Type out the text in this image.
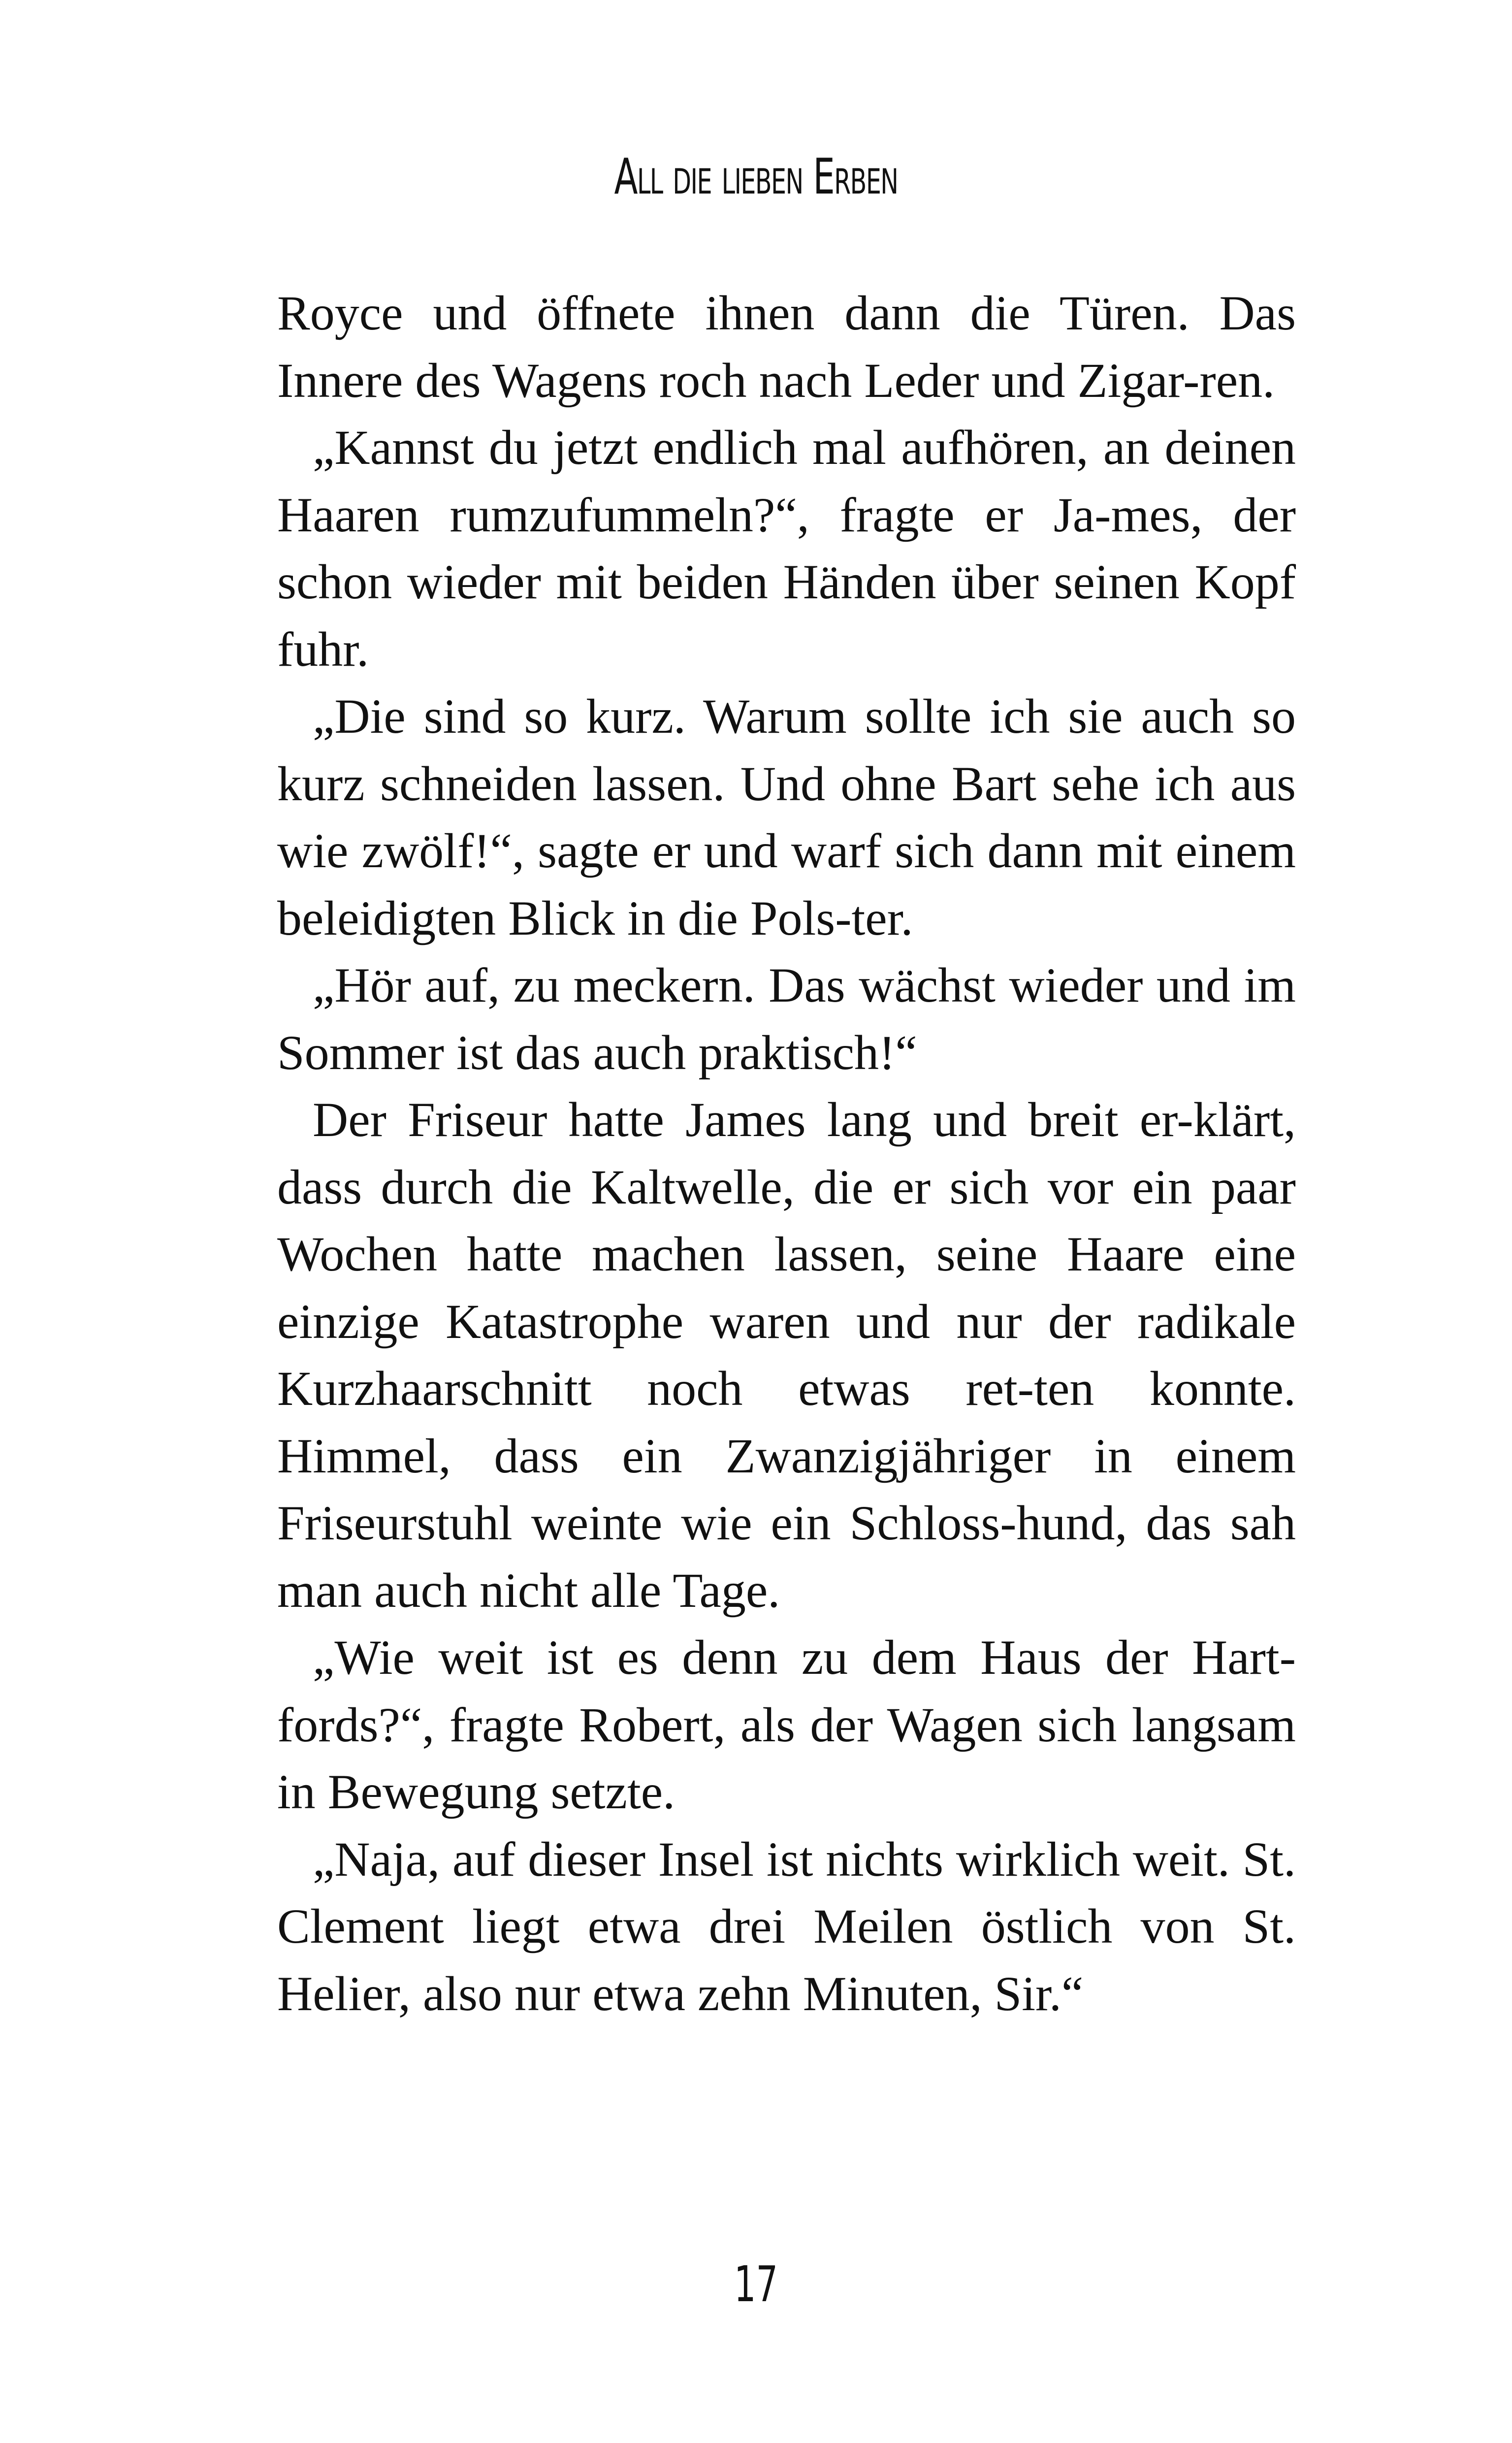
All die lieben Erben

Royce und öffnete ihnen dann die Türen. Das Innere des Wagens roch nach Leder und Zigar-ren.

„Kannst du jetzt endlich mal aufhören, an deinen Haaren rumzufummeln?“, fragte er Ja-mes, der schon wieder mit beiden Händen über seinen Kopf fuhr.

„Die sind so kurz. Warum sollte ich sie auch so kurz schneiden lassen. Und ohne Bart sehe ich aus wie zwölf!“, sagte er und warf sich dann mit einem beleidigten Blick in die Pols-ter.

„Hör auf, zu meckern. Das wächst wieder und im Sommer ist das auch praktisch!“

Der Friseur hatte James lang und breit er-klärt, dass durch die Kaltwelle, die er sich vor ein paar Wochen hatte machen lassen, seine Haare eine einzige Katastrophe waren und nur der radikale Kurzhaarschnitt noch etwas ret-ten konnte. Himmel, dass ein Zwanzigjähriger in einem Friseurstuhl weinte wie ein Schloss-hund, das sah man auch nicht alle Tage.

„Wie weit ist es denn zu dem Haus der Hart-fords?“, fragte Robert, als der Wagen sich langsam in Bewegung setzte.

„Naja, auf dieser Insel ist nichts wirklich weit. St. Clement liegt etwa drei Meilen östlich von St. Helier, also nur etwa zehn Minuten, Sir.“

17
